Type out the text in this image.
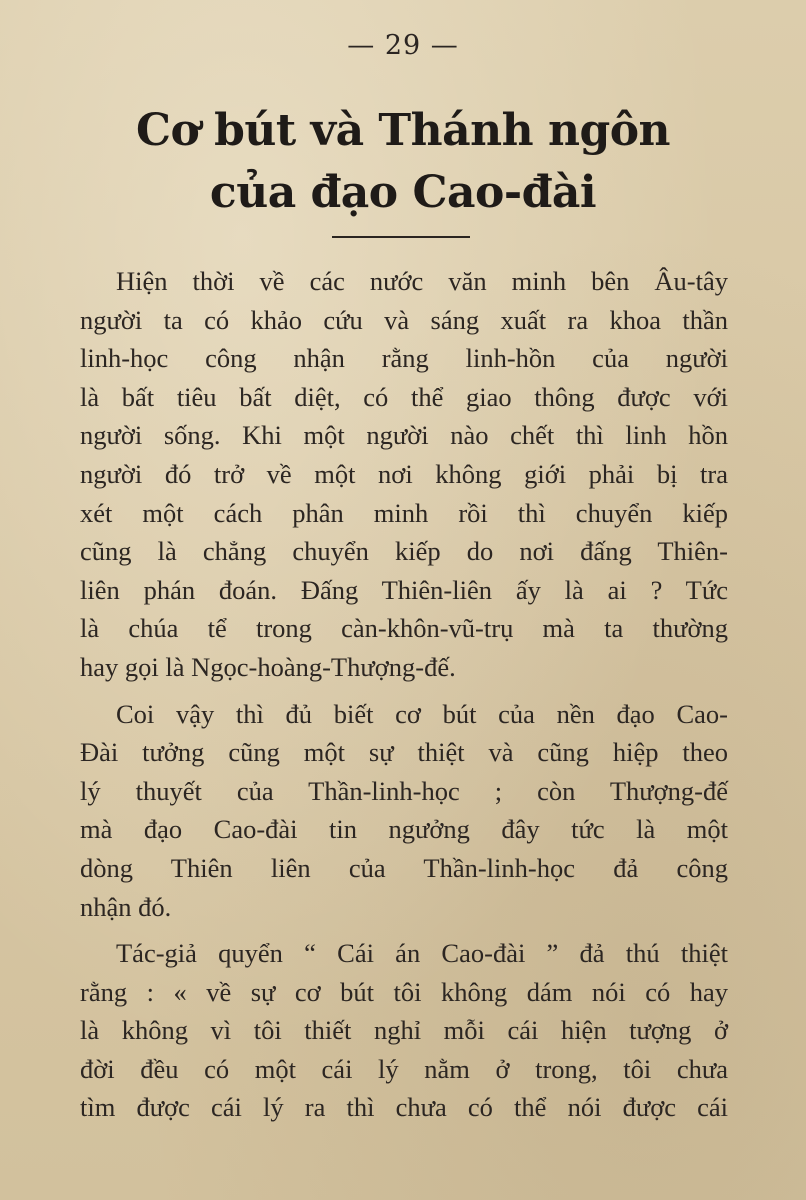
— 29 —
Cơ bút và Thánh ngôn
của đạo Cao-đài
Hiện thời về các nước văn minh bên Âu-tây
người ta có khảo cứu và sáng xuất ra khoa thần
linh-học công nhận rằng linh-hồn của người
là bất tiêu bất diệt, có thể giao thông được với
người sống. Khi một người nào chết thì linh hồn
người đó trở về một nơi không giới phải bị tra
xét một cách phân minh rồi thì chuyển kiếp
cũng là chẳng chuyển kiếp do nơi đấng Thiên-
liên phán đoán. Đấng Thiên-liên ấy là ai ? Tức
là chúa tể trong càn-khôn-vũ-trụ mà ta thường
hay gọi là Ngọc-hoàng-Thượng-đế.
Coi vậy thì đủ biết cơ bút của nền đạo Cao-
Đài tưởng cũng một sự thiệt và cũng hiệp theo
lý thuyết của Thần-linh-học ; còn Thượng-đế
mà đạo Cao-đài tin ngưởng đây tức là một
dòng Thiên liên của Thần-linh-học đả công
nhận đó.
Tác-giả quyển “ Cái án Cao-đài ” đả thú thiệt
rằng : « về sự cơ bút tôi không dám nói có hay
là không vì tôi thiết nghỉ mỗi cái hiện tượng ở
đời đều có một cái lý nằm ở trong, tôi chưa
tìm được cái lý ra thì chưa có thể nói được cái
